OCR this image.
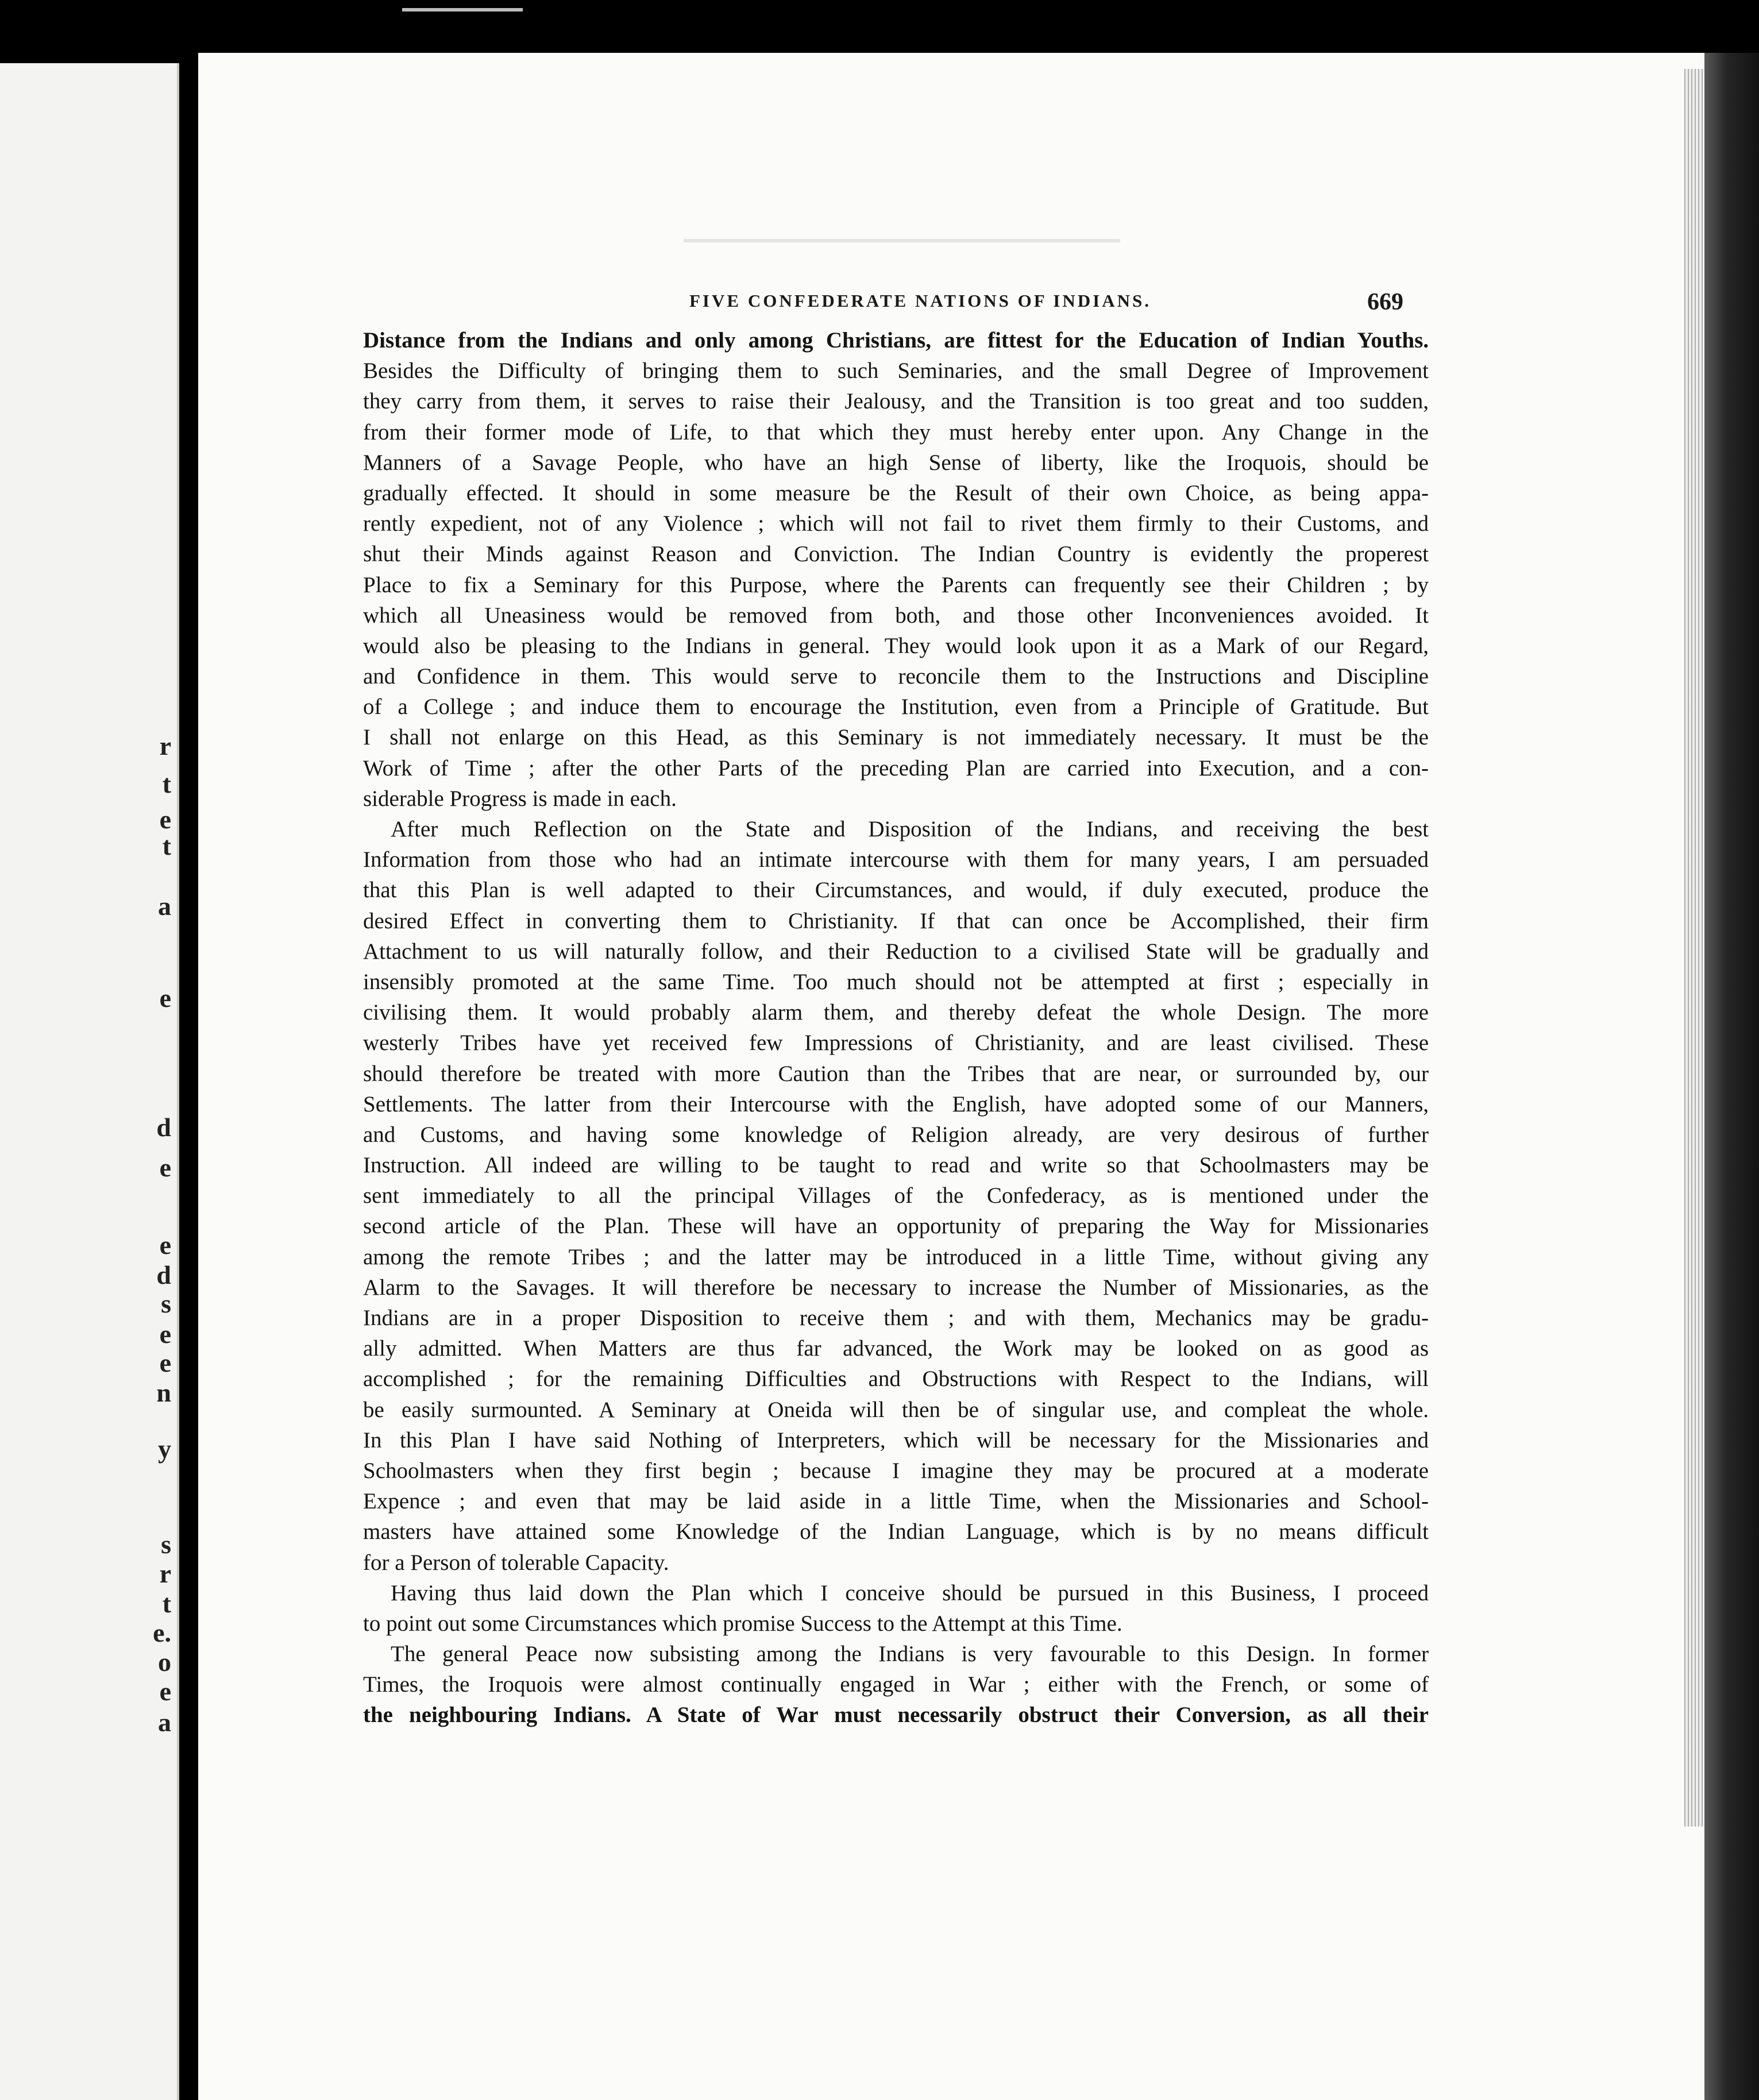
r
t
e
t
a
e
d
e
e
d
s
e
e
n
y
s
r
t
e.
o
e
a
FIVE CONFEDERATE NATIONS OF INDIANS.	669
Distance from the Indians and only among Christians, are fittest for the Education of Indian Youths.
Besides the Difficulty of bringing them to such Seminaries, and the small Degree of Improvement
they carry from them, it serves to raise their Jealousy, and the Transition is too great and too sudden,
from their former mode of Life, to that which they must hereby enter upon. Any Change in the
Manners of a Savage People, who have an high Sense of liberty, like the Iroquois, should be
gradually effected. It should in some measure be the Result of their own Choice, as being appa-
rently expedient, not of any Violence ; which will not fail to rivet them firmly to their Customs, and
shut their Minds against Reason and Conviction. The Indian Country is evidently the properest
Place to fix a Seminary for this Purpose, where the Parents can frequently see their Children ; by
which all Uneasiness would be removed from both, and those other Inconveniences avoided. It
would also be pleasing to the Indians in general. They would look upon it as a Mark of our Regard,
and Confidence in them. This would serve to reconcile them to the Instructions and Discipline
of a College ; and induce them to encourage the Institution, even from a Principle of Gratitude. But
I shall not enlarge on this Head, as this Seminary is not immediately necessary. It must be the
Work of Time ; after the other Parts of the preceding Plan are carried into Execution, and a con-
siderable Progress is made in each.
After much Reflection on the State and Disposition of the Indians, and receiving the best
Information from those who had an intimate intercourse with them for many years, I am persuaded
that this Plan is well adapted to their Circumstances, and would, if duly executed, produce the
desired Effect in converting them to Christianity. If that can once be Accomplished, their firm
Attachment to us will naturally follow, and their Reduction to a civilised State will be gradually and
insensibly promoted at the same Time. Too much should not be attempted at first ; especially in
civilising them. It would probably alarm them, and thereby defeat the whole Design. The more
westerly Tribes have yet received few Impressions of Christianity, and are least civilised. These
should therefore be treated with more Caution than the Tribes that are near, or surrounded by, our
Settlements. The latter from their Intercourse with the English, have adopted some of our Manners,
and Customs, and having some knowledge of Religion already, are very desirous of further
Instruction. All indeed are willing to be taught to read and write so that Schoolmasters may be
sent immediately to all the principal Villages of the Confederacy, as is mentioned under the
second article of the Plan. These will have an opportunity of preparing the Way for Missionaries
among the remote Tribes ; and the latter may be introduced in a little Time, without giving any
Alarm to the Savages. It will therefore be necessary to increase the Number of Missionaries, as the
Indians are in a proper Disposition to receive them ; and with them, Mechanics may be gradu-
ally admitted. When Matters are thus far advanced, the Work may be looked on as good as
accomplished ; for the remaining Difficulties and Obstructions with Respect to the Indians, will
be easily surmounted. A Seminary at Oneida will then be of singular use, and compleat the whole.
In this Plan I have said Nothing of Interpreters, which will be necessary for the Missionaries and
Schoolmasters when they first begin ; because I imagine they may be procured at a moderate
Expence ; and even that may be laid aside in a little Time, when the Missionaries and School-
masters have attained some Knowledge of the Indian Language, which is by no means difficult
for a Person of tolerable Capacity.
Having thus laid down the Plan which I conceive should be pursued in this Business, I proceed
to point out some Circumstances which promise Success to the Attempt at this Time.
The general Peace now subsisting among the Indians is very favourable to this Design. In former
Times, the Iroquois were almost continually engaged in War ; either with the French, or some of
the neighbouring Indians. A State of War must necessarily obstruct their Conversion, as all their
